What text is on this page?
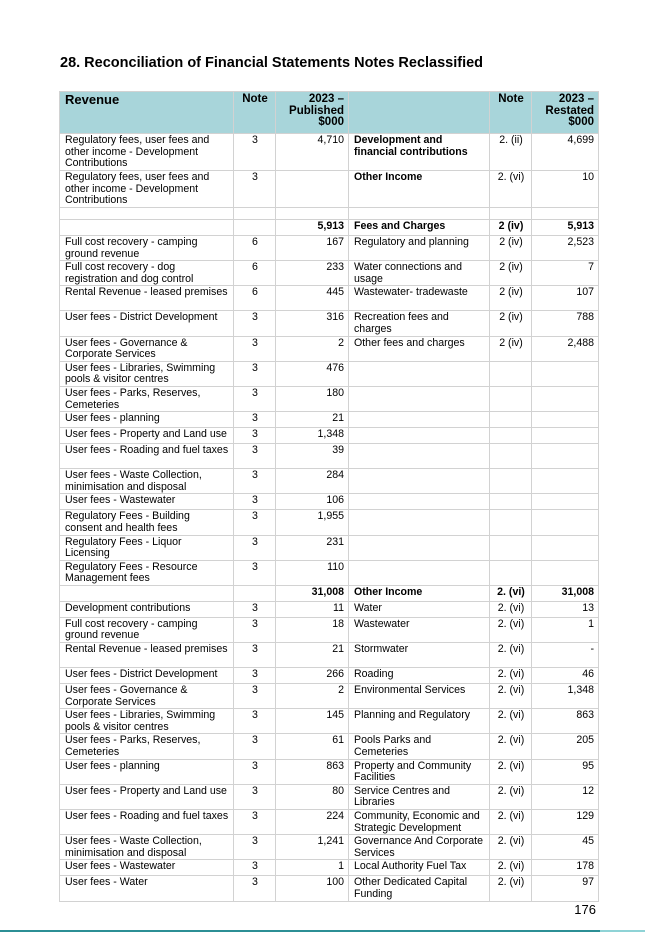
28. Reconciliation of Financial Statements Notes Reclassified
Revenue	Note	2023 – Published $000		Note	2023 – Restated $000
Regulatory fees, user fees and other income - Development Contributions	3	4,710	Development and financial contributions	2. (ii)	4,699
Regulatory fees, user fees and other income - Development Contributions	3		Other Income	2. (vi)	10

		5,913	Fees and Charges	2 (iv)	5,913
Full cost recovery - camping ground revenue	6	167	Regulatory and planning	2 (iv)	2,523
Full cost recovery - dog registration and dog control	6	233	Water connections and usage	2 (iv)	7
Rental Revenue - leased premises	6	445	Wastewater- tradewaste	2 (iv)	107
User fees - District Development	3	316	Recreation fees and charges	2 (iv)	788
User fees - Governance & Corporate Services	3	2	Other fees and charges	2 (iv)	2,488
User fees - Libraries, Swimming pools & visitor centres	3	476			
User fees - Parks, Reserves, Cemeteries	3	180			
User fees - planning	3	21			
User fees - Property and Land use	3	1,348			
User fees - Roading and fuel taxes	3	39			
User fees - Waste Collection, minimisation and disposal	3	284			
User fees - Wastewater	3	106			
Regulatory Fees - Building consent and health fees	3	1,955			
Regulatory Fees - Liquor Licensing	3	231			
Regulatory Fees - Resource Management fees	3	110			
		31,008	Other Income	2. (vi)	31,008
Development contributions	3	11	Water	2. (vi)	13
Full cost recovery - camping ground revenue	3	18	Wastewater	2. (vi)	1
Rental Revenue - leased premises	3	21	Stormwater	2. (vi)	-
User fees - District Development	3	266	Roading	2. (vi)	46
User fees - Governance & Corporate Services	3	2	Environmental Services	2. (vi)	1,348
User fees - Libraries, Swimming pools & visitor centres	3	145	Planning and Regulatory	2. (vi)	863
User fees - Parks, Reserves, Cemeteries	3	61	Pools Parks and Cemeteries	2. (vi)	205
User fees - planning	3	863	Property and Community Facilities	2. (vi)	95
User fees - Property and Land use	3	80	Service Centres and Libraries	2. (vi)	12
User fees - Roading and fuel taxes	3	224	Community, Economic and Strategic Development	2. (vi)	129
User fees - Waste Collection, minimisation and disposal	3	1,241	Governance And Corporate Services	2. (vi)	45
User fees - Wastewater	3	1	Local Authority Fuel Tax	2. (vi)	178
User fees - Water	3	100	Other Dedicated Capital Funding	2. (vi)	97
176
